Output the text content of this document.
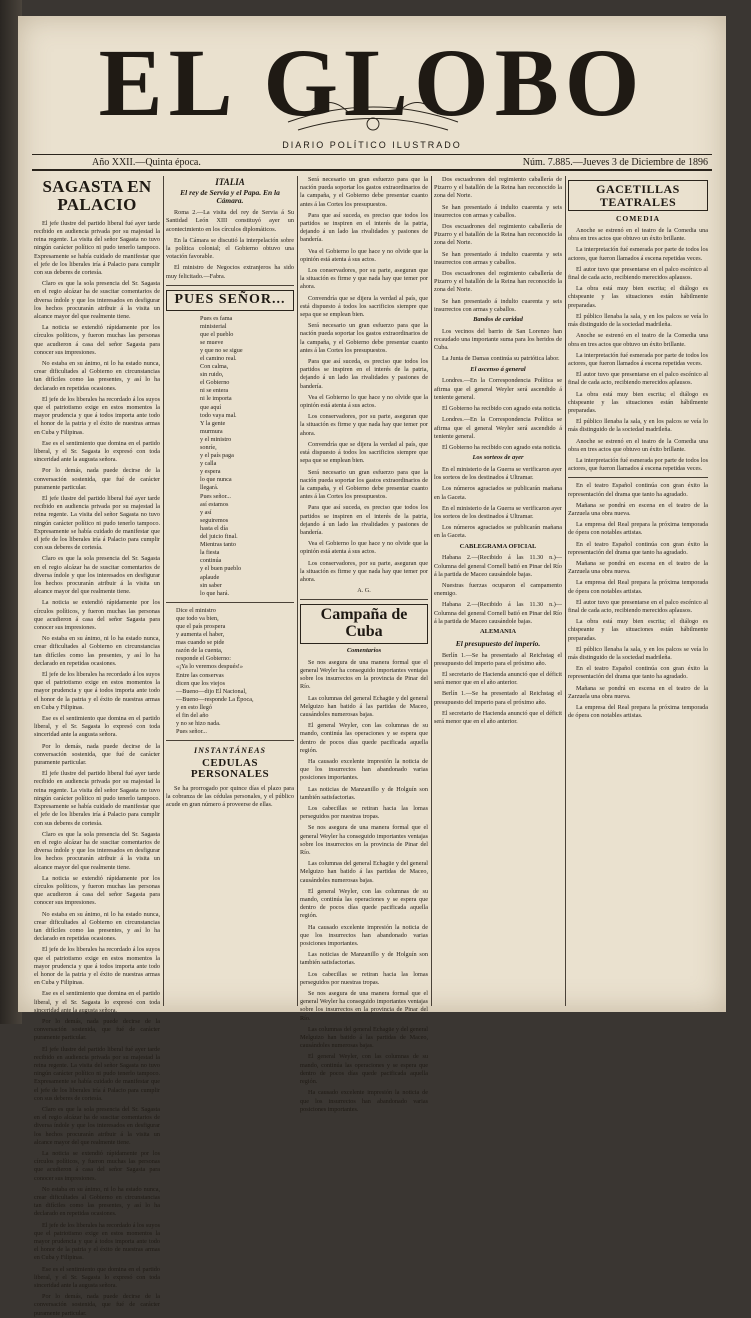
EL GLOBO
DIARIO POLÍTICO ILUSTRADO
Año XXII.—Quinta época.	Núm. 7.885.—Jueves 3 de Diciembre de 1896
SAGASTA EN PALACIO

El jefe ilustre del partido liberal fué ayer tarde recibido en audiencia privada por su majestad la reina regente. La visita del señor Sagasta no tuvo ningún carácter político ni pudo tenerlo tampoco. Expresamente se había cuidado de manifestar que el jefe de los liberales iría á Palacio para cumplir con sus deberes de cortesía.

Claro es que la sola presencia del Sr. Sagasta en el regio alcázar ha de suscitar comentarios de diversa índole y que los interesados en desfigurar los hechos procurarán atribuir á la visita un alcance mayor del que realmente tiene.

La noticia se extendió rápidamente por los círculos políticos, y fueron muchas las personas que acudieron á casa del señor Sagasta para conocer sus impresiones.

No estaba en su ánimo, ni lo ha estado nunca, crear dificultades al Gobierno en circunstancias tan difíciles como las presentes, y así lo ha declarado en repetidas ocasiones.

El jefe de los liberales ha recordado á los suyos que el patriotismo exige en estos momentos la mayor prudencia y que á todos importa ante todo el honor de la patria y el éxito de nuestras armas en Cuba y Filipinas.

Ese es el sentimiento que domina en el partido liberal, y el Sr. Sagasta lo expresó con toda sinceridad ante la augusta señora.

Por lo demás, nada puede decirse de la conversación sostenida, que fué de carácter puramente particular.

El jefe ilustre del partido liberal fué ayer tarde recibido en audiencia privada por su majestad la reina regente. La visita del señor Sagasta no tuvo ningún carácter político ni pudo tenerlo tampoco. Expresamente se había cuidado de manifestar que el jefe de los liberales iría á Palacio para cumplir con sus deberes de cortesía.

Claro es que la sola presencia del Sr. Sagasta en el regio alcázar ha de suscitar comentarios de diversa índole y que los interesados en desfigurar los hechos procurarán atribuir á la visita un alcance mayor del que realmente tiene.

La noticia se extendió rápidamente por los círculos políticos, y fueron muchas las personas que acudieron á casa del señor Sagasta para conocer sus impresiones.

No estaba en su ánimo, ni lo ha estado nunca, crear dificultades al Gobierno en circunstancias tan difíciles como las presentes, y así lo ha declarado en repetidas ocasiones.

El jefe de los liberales ha recordado á los suyos que el patriotismo exige en estos momentos la mayor prudencia y que á todos importa ante todo el honor de la patria y el éxito de nuestras armas en Cuba y Filipinas.

Ese es el sentimiento que domina en el partido liberal, y el Sr. Sagasta lo expresó con toda sinceridad ante la augusta señora.

Por lo demás, nada puede decirse de la conversación sostenida, que fué de carácter puramente particular.

El jefe ilustre del partido liberal fué ayer tarde recibido en audiencia privada por su majestad la reina regente. La visita del señor Sagasta no tuvo ningún carácter político ni pudo tenerlo tampoco. Expresamente se había cuidado de manifestar que el jefe de los liberales iría á Palacio para cumplir con sus deberes de cortesía.

Claro es que la sola presencia del Sr. Sagasta en el regio alcázar ha de suscitar comentarios de diversa índole y que los interesados en desfigurar los hechos procurarán atribuir á la visita un alcance mayor del que realmente tiene.

La noticia se extendió rápidamente por los círculos políticos, y fueron muchas las personas que acudieron á casa del señor Sagasta para conocer sus impresiones.

No estaba en su ánimo, ni lo ha estado nunca, crear dificultades al Gobierno en circunstancias tan difíciles como las presentes, y así lo ha declarado en repetidas ocasiones.

El jefe de los liberales ha recordado á los suyos que el patriotismo exige en estos momentos la mayor prudencia y que á todos importa ante todo el honor de la patria y el éxito de nuestras armas en Cuba y Filipinas.

Ese es el sentimiento que domina en el partido liberal, y el Sr. Sagasta lo expresó con toda sinceridad ante la augusta señora.

Por lo demás, nada puede decirse de la conversación sostenida, que fué de carácter puramente particular.

El jefe ilustre del partido liberal fué ayer tarde recibido en audiencia privada por su majestad la reina regente. La visita del señor Sagasta no tuvo ningún carácter político ni pudo tenerlo tampoco. Expresamente se había cuidado de manifestar que el jefe de los liberales iría á Palacio para cumplir con sus deberes de cortesía.

Claro es que la sola presencia del Sr. Sagasta en el regio alcázar ha de suscitar comentarios de diversa índole y que los interesados en desfigurar los hechos procurarán atribuir á la visita un alcance mayor del que realmente tiene.

La noticia se extendió rápidamente por los círculos políticos, y fueron muchas las personas que acudieron á casa del señor Sagasta para conocer sus impresiones.

No estaba en su ánimo, ni lo ha estado nunca, crear dificultades al Gobierno en circunstancias tan difíciles como las presentes, y así lo ha declarado en repetidas ocasiones.

El jefe de los liberales ha recordado á los suyos que el patriotismo exige en estos momentos la mayor prudencia y que á todos importa ante todo el honor de la patria y el éxito de nuestras armas en Cuba y Filipinas.

Ese es el sentimiento que domina en el partido liberal, y el Sr. Sagasta lo expresó con toda sinceridad ante la augusta señora.

Por lo demás, nada puede decirse de la conversación sostenida, que fué de carácter puramente particular.

ITALIA
El rey de Servia y el Papa. En la Cámara.

Roma 2.—La visita del rey de Servia á Su Santidad León XIII constituyó ayer un acontecimiento en los círculos diplomáticos.

En la Cámara se discutió la interpelación sobre la política colonial; el Gobierno obtuvo una votación favorable.

El ministro de Negocios extranjeros ha sido muy felicitado.—Fabra.

PUES SEÑOR...
Pues es fama
ministerial
que el pueblo
se mueve
y que no se sigue
el camino real.
Con calma,
sin ruido,
el Gobierno
ni se entera
ni le importa
que aquí
todo vaya mal.
Y la gente
murmura
y el ministro
sonríe,
y el país paga
y calla
y espera
lo que nunca
llegará.
Pues señor...
así estamos
y así
seguiremos
hasta el día
del juicio final.
Mientras tanto
la fiesta
continúa
y el buen pueblo
aplaude
sin saber
lo que hará.
Dice el ministro
que todo va bien,
que el país prospera
y aumenta el haber,
mas cuando se pide
razón de la cuenta,
responde el Gobierno:
«¡Ya lo veremos después!»
Entre las conservas
dicen que los viejos
—Bueno—dijo El Nacional,
—Bueno—responde La Época,
y en esto llegó
el fin del año
y no se hizo nada.
Pues señor...
INSTANTÁNEAS
CEDULAS PERSONALES

Se ha prorrogado por quince días el plazo para la cobranza de las cédulas personales, y el público acude en gran número á proveerse de ellas.

Será necesario un gran esfuerzo para que la nación pueda soportar los gastos extraordinarios de la campaña, y el Gobierno debe presentar cuanto antes á las Cortes los presupuestos.

Para que así suceda, es preciso que todos los partidos se inspiren en el interés de la patria, dejando á un lado las rivalidades y pasiones de bandería.

Vea el Gobierno lo que hace y no olvide que la opinión está atenta á sus actos.

Los conservadores, por su parte, aseguran que la situación es firme y que nada hay que temer por ahora.

Convendría que se dijera la verdad al país, que está dispuesto á todos los sacrificios siempre que sepa que se emplean bien.

Será necesario un gran esfuerzo para que la nación pueda soportar los gastos extraordinarios de la campaña, y el Gobierno debe presentar cuanto antes á las Cortes los presupuestos.

Para que así suceda, es preciso que todos los partidos se inspiren en el interés de la patria, dejando á un lado las rivalidades y pasiones de bandería.

Vea el Gobierno lo que hace y no olvide que la opinión está atenta á sus actos.

Los conservadores, por su parte, aseguran que la situación es firme y que nada hay que temer por ahora.

Convendría que se dijera la verdad al país, que está dispuesto á todos los sacrificios siempre que sepa que se emplean bien.

Será necesario un gran esfuerzo para que la nación pueda soportar los gastos extraordinarios de la campaña, y el Gobierno debe presentar cuanto antes á las Cortes los presupuestos.

Para que así suceda, es preciso que todos los partidos se inspiren en el interés de la patria, dejando á un lado las rivalidades y pasiones de bandería.

Vea el Gobierno lo que hace y no olvide que la opinión está atenta á sus actos.

Los conservadores, por su parte, aseguran que la situación es firme y que nada hay que temer por ahora.

A. G.
Campaña de Cuba
Comentarios

Se nos asegura de una manera formal que el general Weyler ha conseguido importantes ventajas sobre los insurrectos en la provincia de Pinar del Río.

Las columnas del general Echagüe y del general Melguizo han batido á las partidas de Maceo, causándoles numerosas bajas.

El general Weyler, con las columnas de su mando, continúa las operaciones y se espera que dentro de pocos días quede pacificada aquella región.

Ha causado excelente impresión la noticia de que los insurrectos han abandonado varias posiciones importantes.

Las noticias de Manzanillo y de Holguín son también satisfactorias.

Los cabecillas se retiran hacia las lomas perseguidos por nuestras tropas.

Se nos asegura de una manera formal que el general Weyler ha conseguido importantes ventajas sobre los insurrectos en la provincia de Pinar del Río.

Las columnas del general Echagüe y del general Melguizo han batido á las partidas de Maceo, causándoles numerosas bajas.

El general Weyler, con las columnas de su mando, continúa las operaciones y se espera que dentro de pocos días quede pacificada aquella región.

Ha causado excelente impresión la noticia de que los insurrectos han abandonado varias posiciones importantes.

Las noticias de Manzanillo y de Holguín son también satisfactorias.

Los cabecillas se retiran hacia las lomas perseguidos por nuestras tropas.

Se nos asegura de una manera formal que el general Weyler ha conseguido importantes ventajas sobre los insurrectos en la provincia de Pinar del Río.

Las columnas del general Echagüe y del general Melguizo han batido á las partidas de Maceo, causándoles numerosas bajas.

El general Weyler, con las columnas de su mando, continúa las operaciones y se espera que dentro de pocos días quede pacificada aquella región.

Ha causado excelente impresión la noticia de que los insurrectos han abandonado varias posiciones importantes.

Dos escuadrones del regimiento caballería de Pizarro y el batallón de la Reina han reconocido la zona del Norte.

Se han presentado á indulto cuarenta y seis insurrectos con armas y caballos.

Dos escuadrones del regimiento caballería de Pizarro y el batallón de la Reina han reconocido la zona del Norte.

Se han presentado á indulto cuarenta y seis insurrectos con armas y caballos.

Dos escuadrones del regimiento caballería de Pizarro y el batallón de la Reina han reconocido la zona del Norte.

Se han presentado á indulto cuarenta y seis insurrectos con armas y caballos.

Bandos de caridad

Los vecinos del barrio de San Lorenzo han recaudado una importante suma para los heridos de Cuba.

La Junta de Damas continúa su patriótica labor.

El ascenso á general

Londres.—En la Correspondencia Política se afirma que el general Weyler será ascendido á teniente general.

El Gobierno ha recibido con agrado esta noticia.

Londres.—En la Correspondencia Política se afirma que el general Weyler será ascendido á teniente general.

El Gobierno ha recibido con agrado esta noticia.

Los sorteos de ayer

En el ministerio de la Guerra se verificaron ayer los sorteos de los destinados á Ultramar.

Los números agraciados se publicarán mañana en la Gaceta.

En el ministerio de la Guerra se verificaron ayer los sorteos de los destinados á Ultramar.

Los números agraciados se publicarán mañana en la Gaceta.

CABLEGRAMA OFICIAL

Habana 2.—(Recibido á las 11.30 n.)—Columna del general Cornell batió en Pinar del Río á la partida de Maceo causándole bajas.

Nuestras fuerzas ocuparon el campamento enemigo.

Habana 2.—(Recibido á las 11.30 n.)—Columna del general Cornell batió en Pinar del Río á la partida de Maceo causándole bajas.

ALEMANIA
El presupuesto del imperio.

Berlín 1.—Se ha presentado al Reichstag el presupuesto del imperio para el próximo año.

El secretario de Hacienda anunció que el déficit será menor que en el año anterior.

Berlín 1.—Se ha presentado al Reichstag el presupuesto del imperio para el próximo año.

El secretario de Hacienda anunció que el déficit será menor que en el año anterior.

GACETILLAS TEATRALES
COMEDIA

Anoche se estrenó en el teatro de la Comedia una obra en tres actos que obtuvo un éxito brillante.

La interpretación fué esmerada por parte de todos los actores, que fueron llamados á escena repetidas veces.

El autor tuvo que presentarse en el palco escénico al final de cada acto, recibiendo merecidos aplausos.

La obra está muy bien escrita; el diálogo es chispeante y las situaciones están hábilmente preparadas.

El público llenaba la sala, y en los palcos se veía lo más distinguido de la sociedad madrileña.

Anoche se estrenó en el teatro de la Comedia una obra en tres actos que obtuvo un éxito brillante.

La interpretación fué esmerada por parte de todos los actores, que fueron llamados á escena repetidas veces.

El autor tuvo que presentarse en el palco escénico al final de cada acto, recibiendo merecidos aplausos.

La obra está muy bien escrita; el diálogo es chispeante y las situaciones están hábilmente preparadas.

El público llenaba la sala, y en los palcos se veía lo más distinguido de la sociedad madrileña.

Anoche se estrenó en el teatro de la Comedia una obra en tres actos que obtuvo un éxito brillante.

La interpretación fué esmerada por parte de todos los actores, que fueron llamados á escena repetidas veces.

En el teatro Español continúa con gran éxito la representación del drama que tanto ha agradado.

Mañana se pondrá en escena en el teatro de la Zarzuela una obra nueva.

La empresa del Real prepara la próxima temporada de ópera con notables artistas.

En el teatro Español continúa con gran éxito la representación del drama que tanto ha agradado.

Mañana se pondrá en escena en el teatro de la Zarzuela una obra nueva.

La empresa del Real prepara la próxima temporada de ópera con notables artistas.

El autor tuvo que presentarse en el palco escénico al final de cada acto, recibiendo merecidos aplausos.

La obra está muy bien escrita; el diálogo es chispeante y las situaciones están hábilmente preparadas.

El público llenaba la sala, y en los palcos se veía lo más distinguido de la sociedad madrileña.

En el teatro Español continúa con gran éxito la representación del drama que tanto ha agradado.

Mañana se pondrá en escena en el teatro de la Zarzuela una obra nueva.

La empresa del Real prepara la próxima temporada de ópera con notables artistas.
